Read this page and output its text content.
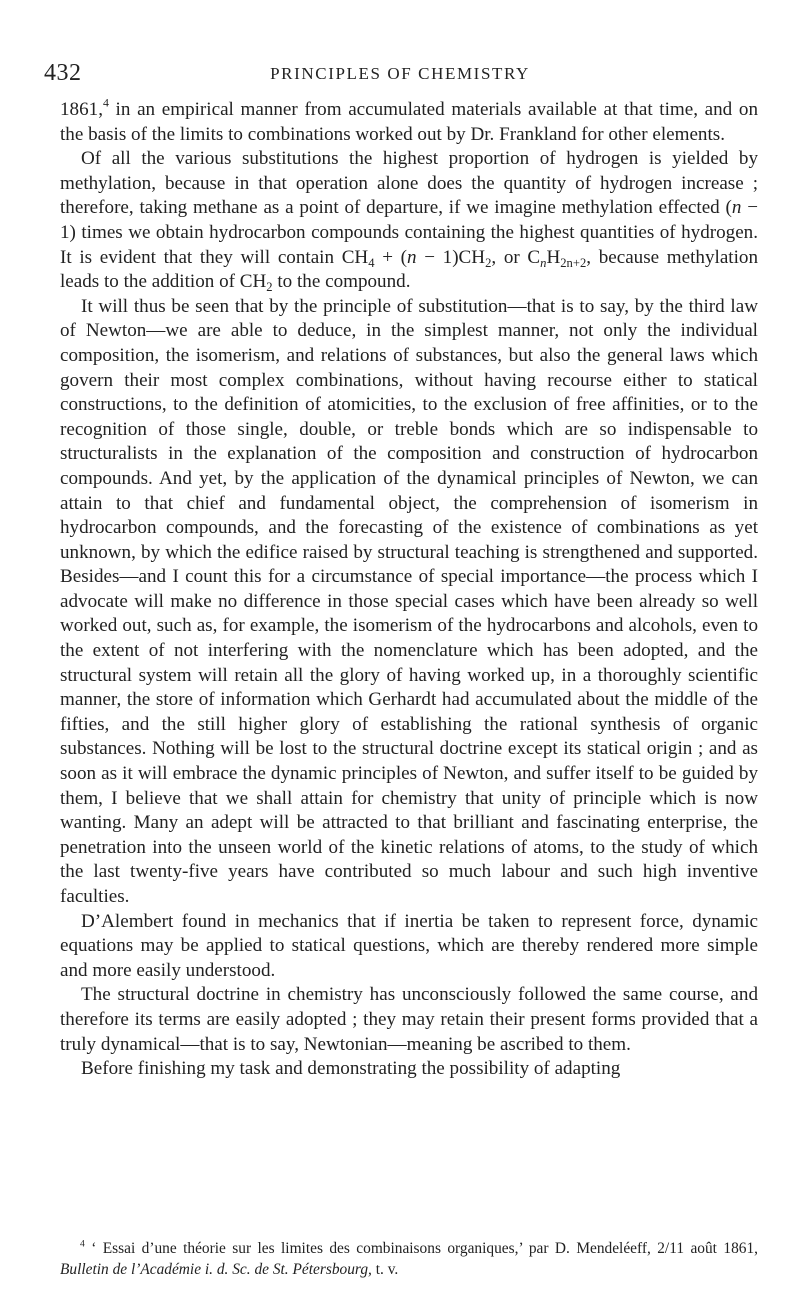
432	PRINCIPLES OF CHEMISTRY

1861,$^4$ in an empirical manner from accumulated materials available at that time, and on the basis of the limits to combinations worked out by Dr. Frankland for other elements.

Of all the various substitutions the highest proportion of hydrogen is yielded by methylation, because in that operation alone does the quantity of hydrogen increase ; therefore, taking methane as a point of departure, if we imagine methylation effected (n − 1) times we obtain hydrocarbon compounds containing the highest quantities of hydrogen. It is evident that they will contain $CH_4 + (n - 1)CH_2$, or $C_nH_{2n+2}$, because methylation leads to the addition of $CH_2$ to the compound.

It will thus be seen that by the principle of substitution—that is to say, by the third law of Newton—we are able to deduce, in the simplest manner, not only the individual composition, the isomerism, and relations of substances, but also the general laws which govern their most complex combinations, without having recourse either to statical constructions, to the definition of atomicities, to the exclusion of free affinities, or to the recognition of those single, double, or treble bonds which are so indispensable to structuralists in the explanation of the composition and construction of hydrocarbon compounds. And yet, by the application of the dynamical principles of Newton, we can attain to that chief and fundamental object, the comprehension of isomerism in hydrocarbon compounds, and the forecasting of the existence of combinations as yet unknown, by which the edifice raised by structural teaching is strengthened and supported. Besides—and I count this for a circumstance of special importance—the process which I advocate will make no difference in those special cases which have been already so well worked out, such as, for example, the isomerism of the hydrocarbons and alcohols, even to the extent of not interfering with the nomenclature which has been adopted, and the structural system will retain all the glory of having worked up, in a thoroughly scientific manner, the store of information which Gerhardt had accumulated about the middle of the fifties, and the still higher glory of establishing the rational synthesis of organic substances. Nothing will be lost to the structural doctrine except its statical origin ; and as soon as it will embrace the dynamic principles of Newton, and suffer itself to be guided by them, I believe that we shall attain for chemistry that unity of principle which is now wanting. Many an adept will be attracted to that brilliant and fascinating enterprise, the penetration into the unseen world of the kinetic relations of atoms, to the study of which the last twenty-five years have contributed so much labour and such high inventive faculties.

D’Alembert found in mechanics that if inertia be taken to represent force, dynamic equations may be applied to statical questions, which are thereby rendered more simple and more easily understood.

The structural doctrine in chemistry has unconsciously followed the same course, and therefore its terms are easily adopted ; they may retain their present forms provided that a truly dynamical—that is to say, Newtonian—meaning be ascribed to them.

Before finishing my task and demonstrating the possibility of adapting

$^4$ ‘ Essai d’une théorie sur les limites des combinaisons organiques,’ par D. Mendeléeff, 2/11 août 1861, Bulletin de l’Académie i. d. Sc. de St. Pétersbourg, t. v.
